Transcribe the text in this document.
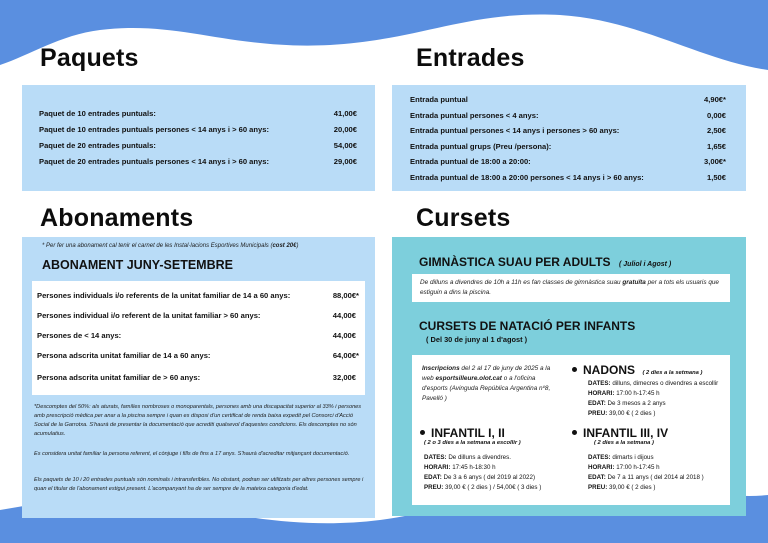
Paquets
Paquet de 10 entrades puntuals:	41,00€
Paquet de 10 entrades puntuals persones < 14 anys i > 60 anys:	20,00€
Paquet de 20 entrades puntuals:	54,00€
Paquet de 20 entrades puntuals persones < 14 anys i > 60 anys:	29,00€
Entrades
Entrada puntual	4,90€*
Entrada puntual persones < 4 anys:	0,00€
Entrada puntual persones < 14 anys i persones > 60 anys:	2,50€
Entrada puntual grups (Preu /persona):	1,65€
Entrada puntual de 18:00 a 20:00:	3,00€*
Entrada puntual de 18:00 a 20:00 persones < 14 anys i > 60 anys:	1,50€
Abonaments
* Per fer una abonament cal tenir el carnet de les Instal·lacions Esportives Municipals (cost 20€)
ABONAMENT JUNY-SETEMBRE
Persones individuals i/o referents de la unitat familiar de 14 a 60 anys:	88,00€*
Persones individual i/o referent de la unitat familiar > 60 anys:	44,00€
Persones de < 14 anys:	44,00€
Persona adscrita unitat familiar de 14 a 60 anys:	64,00€*
Persona adscrita unitat familiar de > 60 anys:	32,00€
*Descomptes del 50%: als aturats, famílies nombroses o monoparentals, persones amb una discapacitat superior al 33% i persones amb prescripció mèdica per anar a la piscina sempre i quan es disposi d'un certificat de renda baixa expedit pel Consorci d'Acció Social de la Garrotxa. S'haurà de presentar la documentació que acrediti qualsevol d'aquestes condicions. Els descomptes no són acumulatius.
Es considera unitat familiar la persona referent, el cònjuge i fills de fins a 17 anys. S'haurà d'acreditar mitjançant documentació.
Els paquets de 10 i 20 entrades puntuals són nominals i intransferibles. No obstant, podran ser utilitzats per altres persones sempre i quan el titular de l'abonament estigui present. L'acompanyant ha de ser sempre de la mateixa categoria d'edat.
Cursets
GIMNÀSTICA SUAU PER ADULTS ( Juliol i Agost )
De dilluns a divendres de 10h a 11h es fan classes de gimnàstica suau gratuïta per a tots els usuaris que estiguin a dins la piscina.
CURSETS DE NATACIÓ PER INFANTS
( Del 30 de juny al 1 d'agost )
Inscripcions del 2 al 17 de juny de 2025 a la web esportsilleure.olot.cat o a l'oficina d'esports (Avinguda República Argentina nº8, Pavelló )
NADONS ( 2 dies a la setmana )
DATES: dilluns, dimecres o divendres a escollir
HORARI: 17:00 h-17:45 h
EDAT: De 3 mesos a 2 anys
PREU: 39,00 € ( 2 dies )
INFANTIL I, II
( 2 o 3 dies a la setmana a escollir )
DATES: De dilluns a divendres.
HORARI: 17:45 h-18:30 h
EDAT: De 3 a 6 anys ( del 2019 al 2022)
PREU: 39,00 € ( 2 dies ) / 54,00€ ( 3 dies )
INFANTIL III, IV
( 2 dies a la setmana )
DATES: dimarts i dijous
HORARI: 17:00 h-17:45 h
EDAT: De 7 a 11 anys ( del 2014 al 2018 )
PREU: 39,00 € ( 2 dies )
